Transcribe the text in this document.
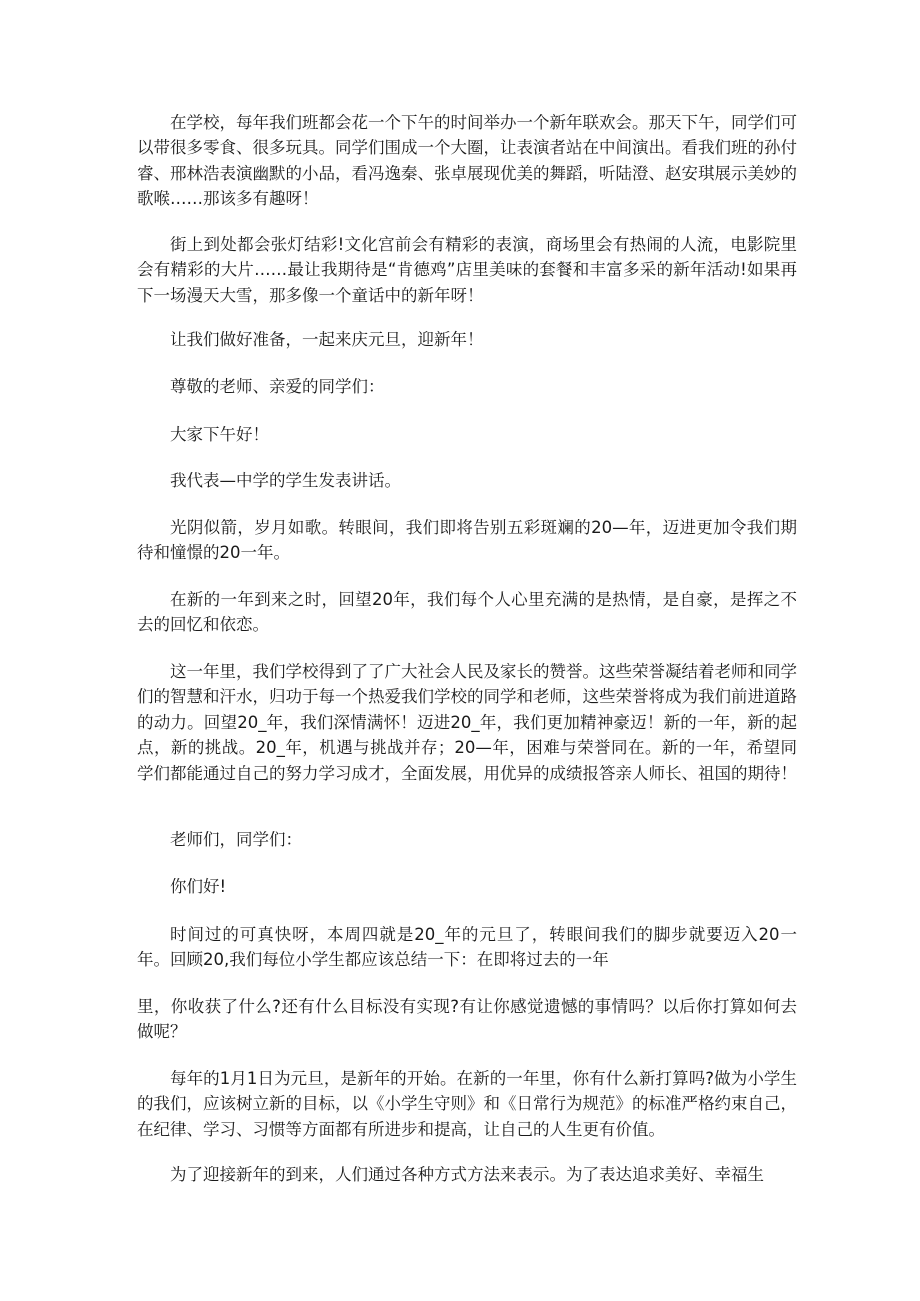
在学校，每年我们班都会花一个下午的时间举办一个新年联欢会。那天下午，同学们可以带很多零食、很多玩具。同学们围成一个大圈，让表演者站在中间演出。看我们班的孙付睿、邢林浩表演幽默的小品，看冯逸秦、张卓展现优美的舞蹈，听陆澄、赵安琪展示美妙的歌喉……那该多有趣呀！

街上到处都会张灯结彩!文化宫前会有精彩的表演，商场里会有热闹的人流，电影院里会有精彩的大片……最让我期待是“肯德鸡”店里美味的套餐和丰富多采的新年活动!如果再下一场漫天大雪，那多像一个童话中的新年呀！

让我们做好准备，一起来庆元旦，迎新年！

尊敬的老师、亲爱的同学们：

大家下午好！

我代表—中学的学生发表讲话。

光阴似箭，岁月如歌。转眼间，我们即将告别五彩斑斓的20—年，迈进更加令我们期待和憧憬的20一年。

在新的一年到来之时，回望20年，我们每个人心里充满的是热情，是自豪，是挥之不去的回忆和依恋。

这一年里，我们学校得到了了广大社会人民及家长的赞誉。这些荣誉凝结着老师和同学们的智慧和汗水，归功于每一个热爱我们学校的同学和老师，这些荣誉将成为我们前进道路的动力。回望20_年，我们深情满怀！迈进20_年，我们更加精神豪迈！新的一年，新的起点，新的挑战。20_年，机遇与挑战并存；20—年，困难与荣誉同在。新的一年，希望同学们都能通过自己的努力学习成才，全面发展，用优异的成绩报答亲人师长、祖国的期待！

老师们，同学们：

你们好!

时间过的可真快呀，本周四就是20_年的元旦了，转眼间我们的脚步就要迈入20一年。回顾20,我们每位小学生都应该总结一下：在即将过去的一年

里，你收获了什么?还有什么目标没有实现?有让你感觉遗憾的事情吗？以后你打算如何去做呢？

每年的1月1日为元旦，是新年的开始。在新的一年里，你有什么新打算吗?做为小学生的我们，应该树立新的目标，以《小学生守则》和《日常行为规范》的标准严格约束自己，在纪律、学习、习惯等方面都有所进步和提高，让自己的人生更有价值。

为了迎接新年的到来，人们通过各种方式方法来表示。为了表达追求美好、幸福生
